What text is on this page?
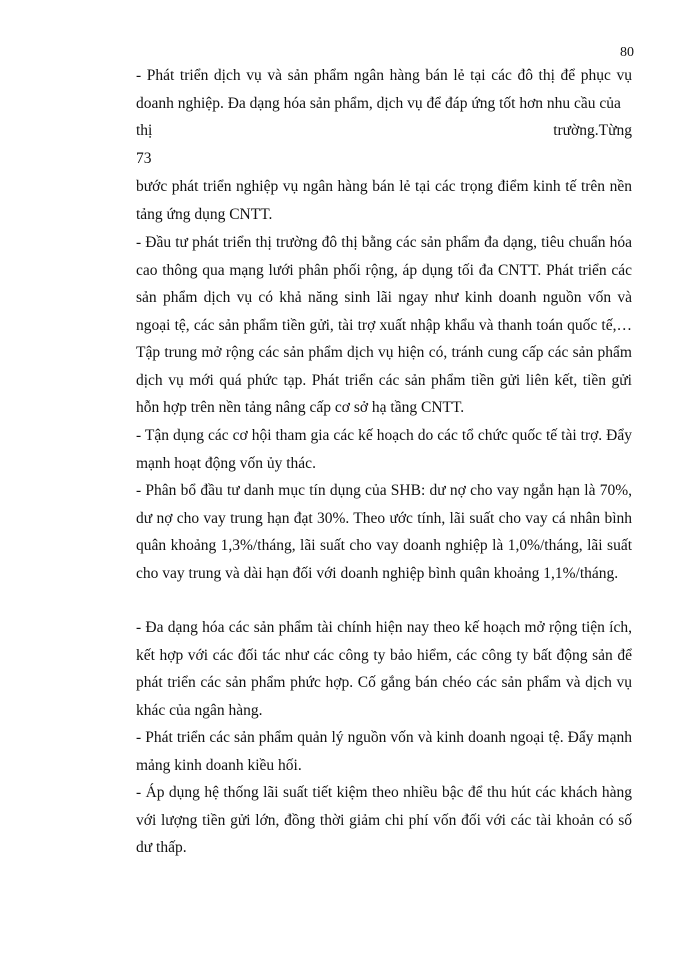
80

- Phát triển dịch vụ và sản phẩm ngân hàng bán lẻ tại các đô thị để phục vụ doanh nghiệp. Đa dạng hóa sản phẩm, dịch vụ để đáp ứng tốt hơn nhu cầu của

thị	trường.Từng
73

bước phát triển nghiệp vụ ngân hàng bán lẻ tại các trọng điểm kinh tế trên nền tảng ứng dụng CNTT.

- Đầu tư phát triển thị trường đô thị bằng các sản phẩm đa dạng, tiêu chuẩn hóa cao thông qua mạng lưới phân phối rộng, áp dụng tối đa CNTT. Phát triển các sản phẩm dịch vụ có khả năng sinh lãi ngay như kinh doanh nguồn vốn và ngoại tệ, các sản phẩm tiền gửi, tài trợ xuất nhập khẩu và thanh toán quốc tế,…Tập trung mở rộng các sản phẩm dịch vụ hiện có, tránh cung cấp các sản phẩm dịch vụ mới quá phức tạp. Phát triển các sản phẩm tiền gửi liên kết, tiền gửi hỗn hợp trên nền tảng nâng cấp cơ sở hạ tầng CNTT.

- Tận dụng các cơ hội tham gia các kế hoạch do các tổ chức quốc tế tài trợ. Đẩy mạnh hoạt động vốn ủy thác.

- Phân bổ đầu tư danh mục tín dụng của SHB: dư nợ cho vay ngắn hạn là 70%, dư nợ cho vay trung hạn đạt 30%. Theo ước tính, lãi suất cho vay cá nhân bình quân khoảng 1,3%/tháng, lãi suất cho vay doanh nghiệp là 1,0%/tháng, lãi suất cho vay trung và dài hạn đối với doanh nghiệp bình quân khoảng 1,1%/tháng.

- Đa dạng hóa các sản phẩm tài chính hiện nay theo kế hoạch mở rộng tiện ích, kết hợp với các đối tác như các công ty bảo hiểm, các công ty bất động sản để phát triển các sản phẩm phức hợp. Cố gắng bán chéo các sản phẩm và dịch vụ khác của ngân hàng.

- Phát triển các sản phẩm quản lý nguồn vốn và kinh doanh ngoại tệ. Đẩy mạnh mảng kinh doanh kiều hối.

- Áp dụng hệ thống lãi suất tiết kiệm theo nhiều bậc để thu hút các khách hàng với lượng tiền gửi lớn, đồng thời giảm chi phí vốn đối với các tài khoản có số dư thấp.
